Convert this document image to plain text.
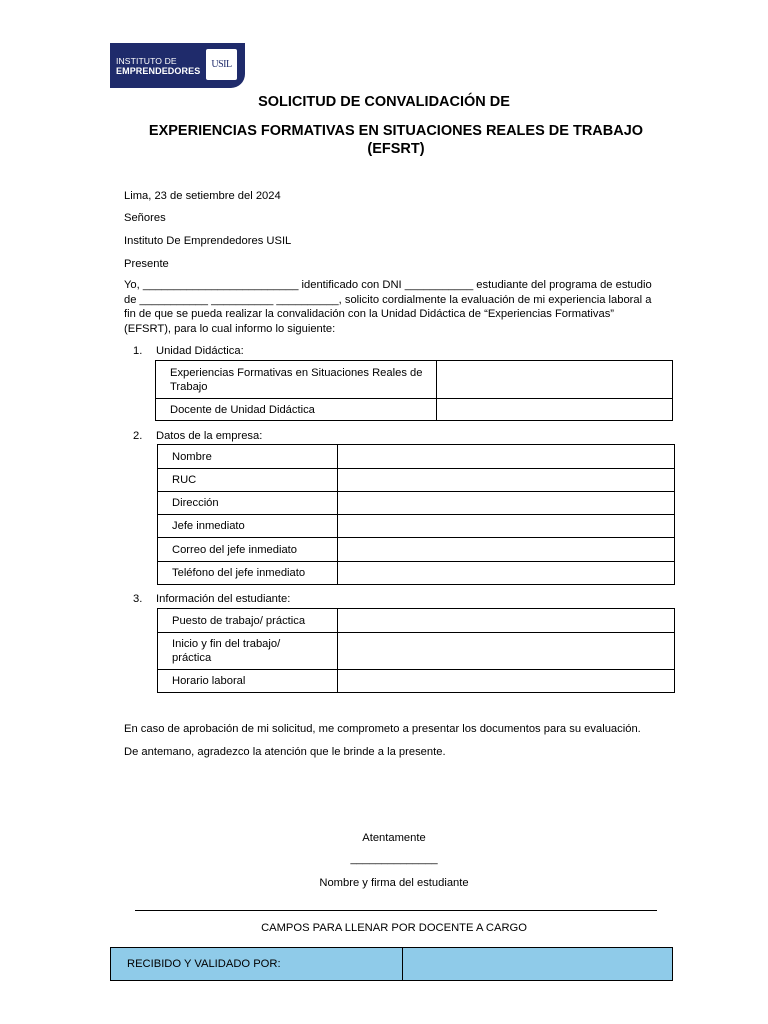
INSTITUTO DE
EMPRENDEDORES
USIL
SOLICITUD DE CONVALIDACIÓN DE
EXPERIENCIAS FORMATIVAS EN SITUACIONES REALES DE TRABAJO (EFSRT)
Lima, 23 de setiembre del 2024
Señores
Instituto De Emprendedores USIL
Presente
Yo, _________________________ identificado con DNI ___________ estudiante del programa de estudio de ___________ __________ __________, solicito cordialmente la evaluación de mi experiencia laboral a fin de que se pueda realizar la convalidación con la Unidad Didáctica de “Experiencias Formativas” (EFSRT), para lo cual informo lo siguiente:
1. Unidad Didáctica:
Experiencias Formativas en Situaciones Reales de Trabajo	
Docente de Unidad Didáctica	
2. Datos de la empresa:
Nombre	
RUC	
Dirección	
Jefe inmediato	
Correo del jefe inmediato	
Teléfono del jefe inmediato	
3. Información del estudiante:
Puesto de trabajo/ práctica	
Inicio y fin del trabajo/ práctica	
Horario laboral	
En caso de aprobación de mi solicitud, me comprometo a presentar los documentos para su evaluación.
De antemano, agradezco la atención que le brinde a la presente.
Atentamente
______________
Nombre y firma del estudiante
CAMPOS PARA LLENAR POR DOCENTE A CARGO
RECIBIDO Y VALIDADO POR:	
